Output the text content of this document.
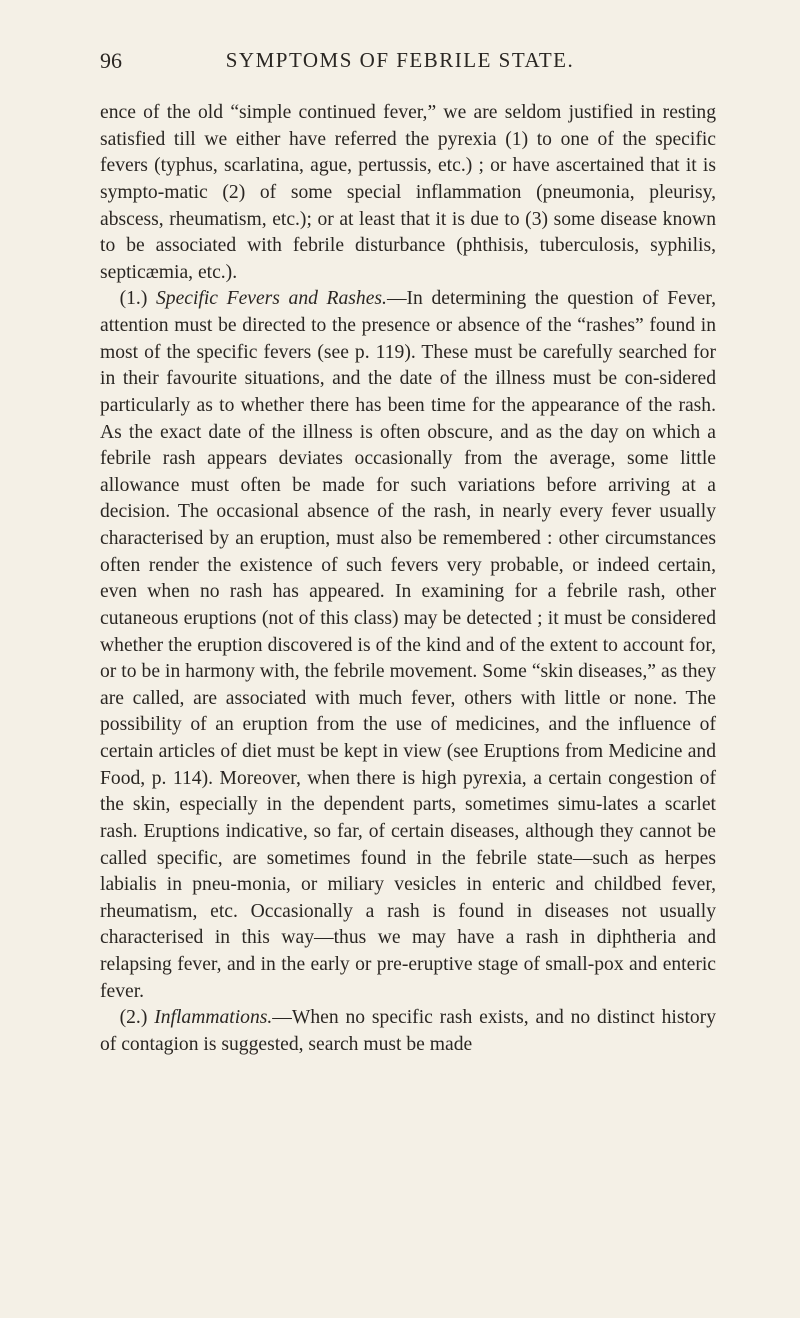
96	SYMPTOMS OF FEBRILE STATE.

ence of the old “simple continued fever,” we are seldom justified in resting satisfied till we either have referred the pyrexia (1) to one of the specific fevers (typhus, scarlatina, ague, pertussis, etc.) ; or have ascertained that it is sympto-matic (2) of some special inflammation (pneumonia, pleurisy, abscess, rheumatism, etc.); or at least that it is due to (3) some disease known to be associated with febrile disturbance (phthisis, tuberculosis, syphilis, septicæmia, etc.).

(1.) Specific Fevers and Rashes.—In determining the question of Fever, attention must be directed to the presence or absence of the “rashes” found in most of the specific fevers (see p. 119). These must be carefully searched for in their favourite situations, and the date of the illness must be con-sidered particularly as to whether there has been time for the appearance of the rash. As the exact date of the illness is often obscure, and as the day on which a febrile rash appears deviates occasionally from the average, some little allowance must often be made for such variations before arriving at a decision. The occasional absence of the rash, in nearly every fever usually characterised by an eruption, must also be remembered : other circumstances often render the existence of such fevers very probable, or indeed certain, even when no rash has appeared. In examining for a febrile rash, other cutaneous eruptions (not of this class) may be detected ; it must be considered whether the eruption discovered is of the kind and of the extent to account for, or to be in harmony with, the febrile movement. Some “skin diseases,” as they are called, are associated with much fever, others with little or none. The possibility of an eruption from the use of medicines, and the influence of certain articles of diet must be kept in view (see Eruptions from Medicine and Food, p. 114). Moreover, when there is high pyrexia, a certain congestion of the skin, especially in the dependent parts, sometimes simu-lates a scarlet rash. Eruptions indicative, so far, of certain diseases, although they cannot be called specific, are sometimes found in the febrile state—such as herpes labialis in pneu-monia, or miliary vesicles in enteric and childbed fever, rheumatism, etc. Occasionally a rash is found in diseases not usually characterised in this way—thus we may have a rash in diphtheria and relapsing fever, and in the early or pre-eruptive stage of small-pox and enteric fever.

(2.) Inflammations.—When no specific rash exists, and no distinct history of contagion is suggested, search must be made
